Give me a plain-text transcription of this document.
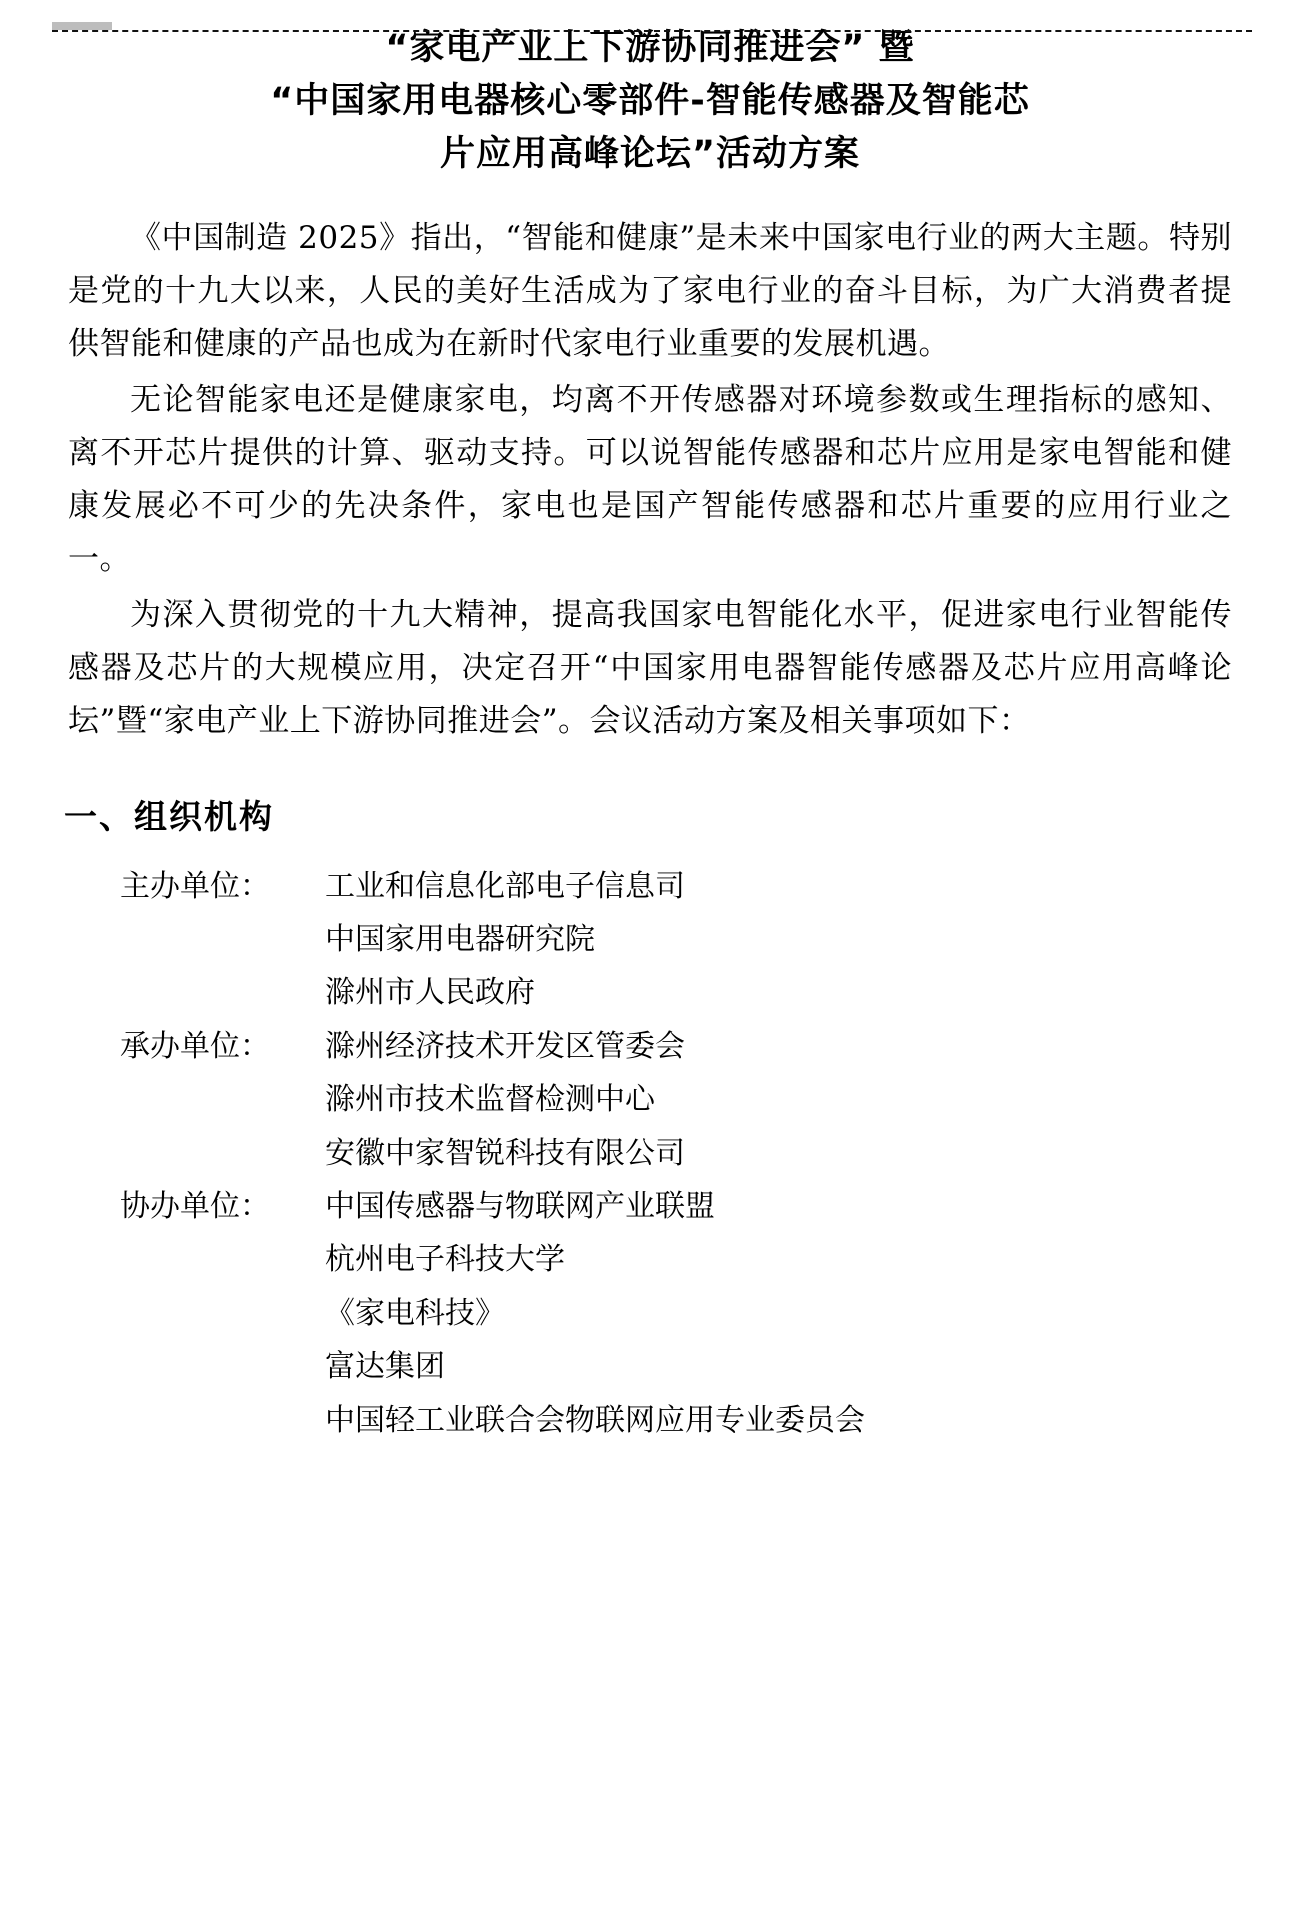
“家电产业上下游协同推进会” 暨
“中国家用电器核心零部件-智能传感器及智能芯
片应用高峰论坛”活动方案

《中国制造 2025》指出，“智能和健康”是未来中国家电行业的两大主题。特别是党的十九大以来，人民的美好生活成为了家电行业的奋斗目标，为广大消费者提供智能和健康的产品也成为在新时代家电行业重要的发展机遇。

无论智能家电还是健康家电，均离不开传感器对环境参数或生理指标的感知、离不开芯片提供的计算、驱动支持。可以说智能传感器和芯片应用是家电智能和健康发展必不可少的先决条件，家电也是国产智能传感器和芯片重要的应用行业之一。

为深入贯彻党的十九大精神，提高我国家电智能化水平，促进家电行业智能传感器及芯片的大规模应用，决定召开“中国家用电器智能传感器及芯片应用高峰论坛”暨“家电产业上下游协同推进会”。会议活动方案及相关事项如下：

一、组织机构
主办单位：	工业和信息化部电子信息司
中国家用电器研究院
滁州市人民政府
承办单位：	滁州经济技术开发区管委会
滁州市技术监督检测中心
安徽中家智锐科技有限公司
协办单位：	中国传感器与物联网产业联盟
杭州电子科技大学
《家电科技》
富达集团
中国轻工业联合会物联网应用专业委员会
